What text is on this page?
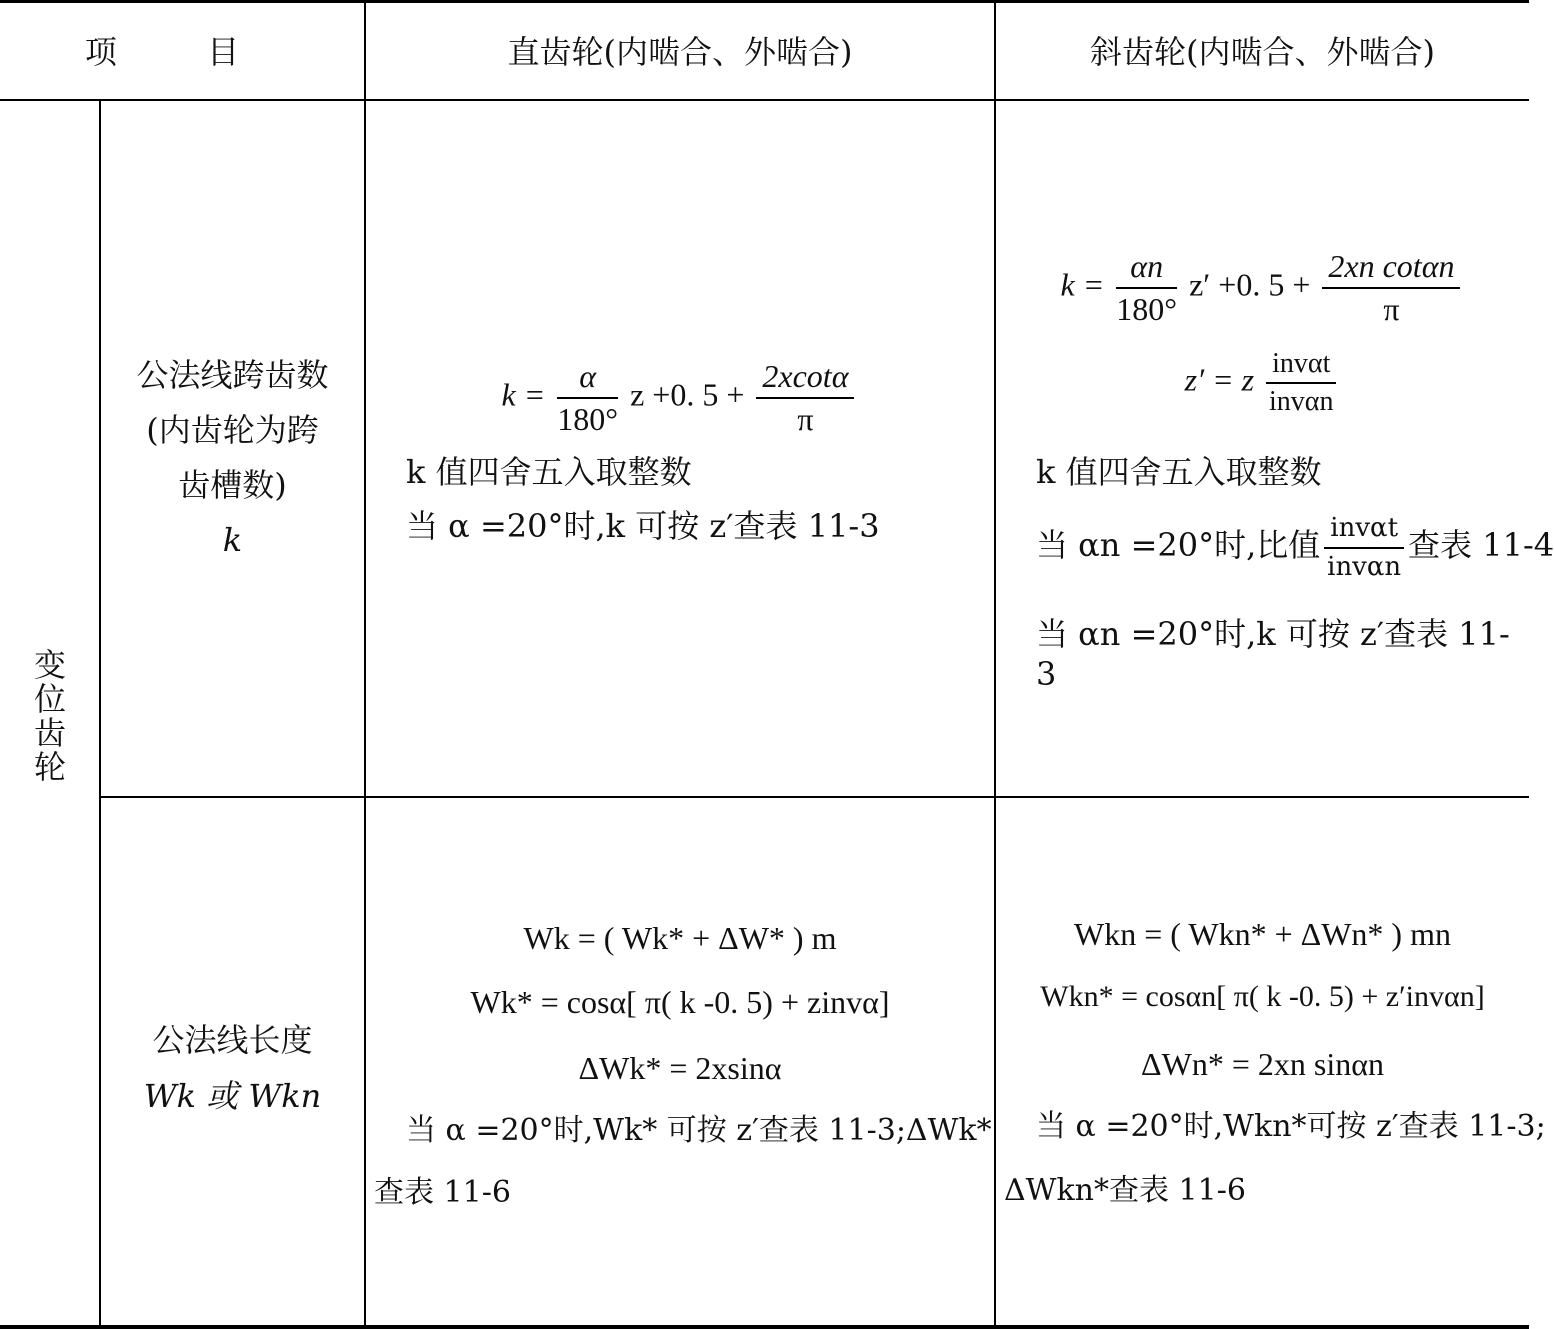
项 目	直齿轮(内啮合、外啮合)	斜齿轮(内啮合、外啮合)
变位齿轮
公法线跨齿数
(内齿轮为跨
齿槽数)
k
$k = \frac{\alpha}{180^\circ}$ z +0. $5 + \frac{2xcot\alpha}{\pi}$
k 值四舍五入取整数
当 α =20°时,k 可按 z′查表 11-3
$k = \frac{\alpha n}{180^\circ} z' +0$. $5 + \frac{\text{2xn cotαn}}{\pi}$
z′ = z $\frac{\text{invαt}}{\text{invαn}}$
k 值四舍五入取整数
当 αn =20°时,比值 $\frac{\text{invαt}}{\text{invαn}}$ 查表 11-4
当 αn =20°时,k 可按 z′查表 11-3
公法线长度
Wk 或 Wkn
Wk = ( Wk* + ΔW* ) m
Wk* = cosα[ π( k -0. 5) + zinvα]
ΔWk* = 2xsinα
当 α =20°时,Wk* 可按 z′查表 11-3;ΔWk*
查表 11-6
Wkn = ( Wkn* + ΔWn* ) mn
Wkn* = cosαn[ π( k -0. 5) + z′invαn]
ΔWn* = 2xn sinαn
当 α =20°时,Wkn*可按 z′查表 11-3;
ΔWkn*查表 11-6
